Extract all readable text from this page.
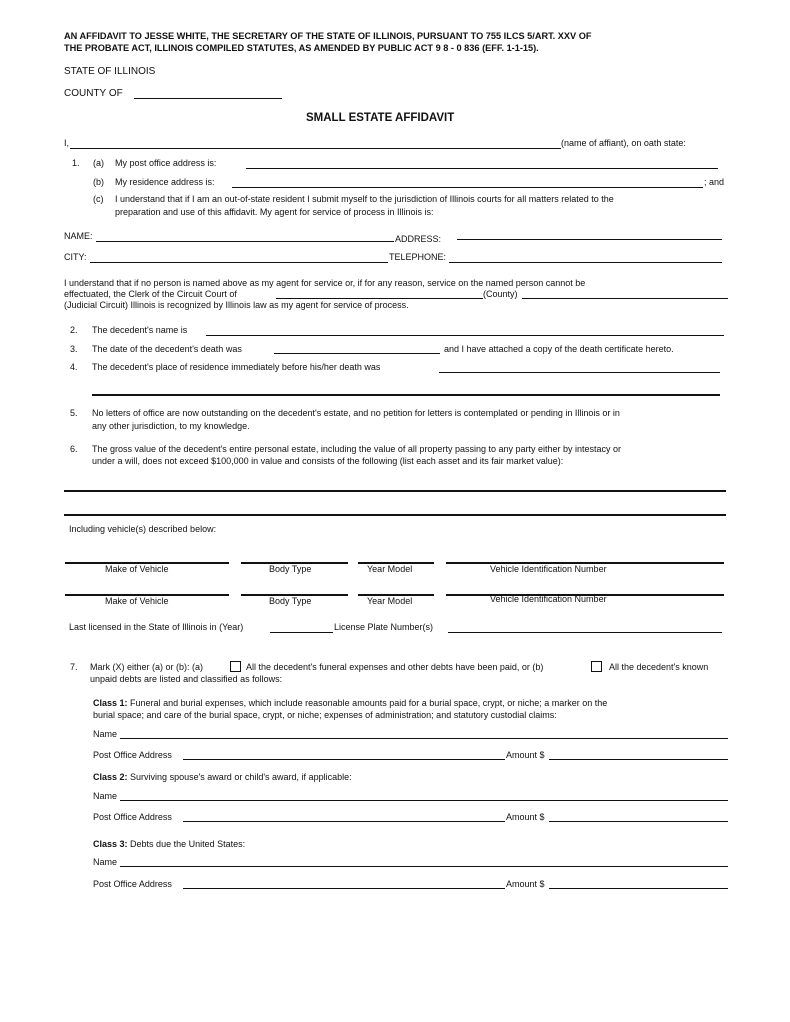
AN AFFIDAVIT TO JESSE WHITE, THE SECRETARY OF THE STATE OF ILLINOIS, PURSUANT TO 755 ILCS 5/ART. XXV OF
THE PROBATE ACT, ILLINOIS COMPILED STATUTES, AS AMENDED BY PUBLIC ACT 9 8 - 0 836 (EFF. 1-1-15).
STATE OF ILLINOIS
COUNTY OF
SMALL ESTATE AFFIDAVIT
I,	(name of affiant), on oath state:
1. (a) My post office address is:
(b) My residence address is:	; and
(c) I understand that if I am an out-of-state resident I submit myself to the jurisdiction of Illinois courts for all matters related to the
preparation and use of this affidavit. My agent for service of process in Illinois is:
NAME:	ADDRESS:
CITY:	TELEPHONE:
I understand that if no person is named above as my agent for service or, if for any reason, service on the named person cannot be
effectuated, the Clerk of the Circuit Court of	(County)
(Judicial Circuit) Illinois is recognized by Illinois law as my agent for service of process.
2. The decedent's name is
3. The date of the decedent's death was	and I have attached a copy of the death certificate hereto.
4. The decedent's place of residence immediately before his/her death was
5. No letters of office are now outstanding on the decedent's estate, and no petition for letters is contemplated or pending in Illinois or in
any other jurisdiction, to my knowledge.
6. The gross value of the decedent's entire personal estate, including the value of all property passing to any party either by intestacy or
under a will, does not exceed $100,000 in value and consists of the following (list each asset and its fair market value):
Including vehicle(s) described below:
Make of Vehicle	Body Type	Year Model	Vehicle Identification Number
Make of Vehicle	Body Type	Year Model	Vehicle Identification Number
Last licensed in the State of Illinois in (Year)	License Plate Number(s)
7. Mark (X) either (a) or (b): (a)	All the decedent's funeral expenses and other debts have been paid, or (b)	All the decedent's known
unpaid debts are listed and classified as follows:
Class 1: Funeral and burial expenses, which include reasonable amounts paid for a burial space, crypt, or niche; a marker on the
burial space; and care of the burial space, crypt, or niche; expenses of administration; and statutory custodial claims:
Name
Post Office Address	Amount $
Class 2: Surviving spouse's award or child's award, if applicable:
Name
Post Office Address	Amount $
Class 3: Debts due the United States:
Name
Post Office Address	Amount $
